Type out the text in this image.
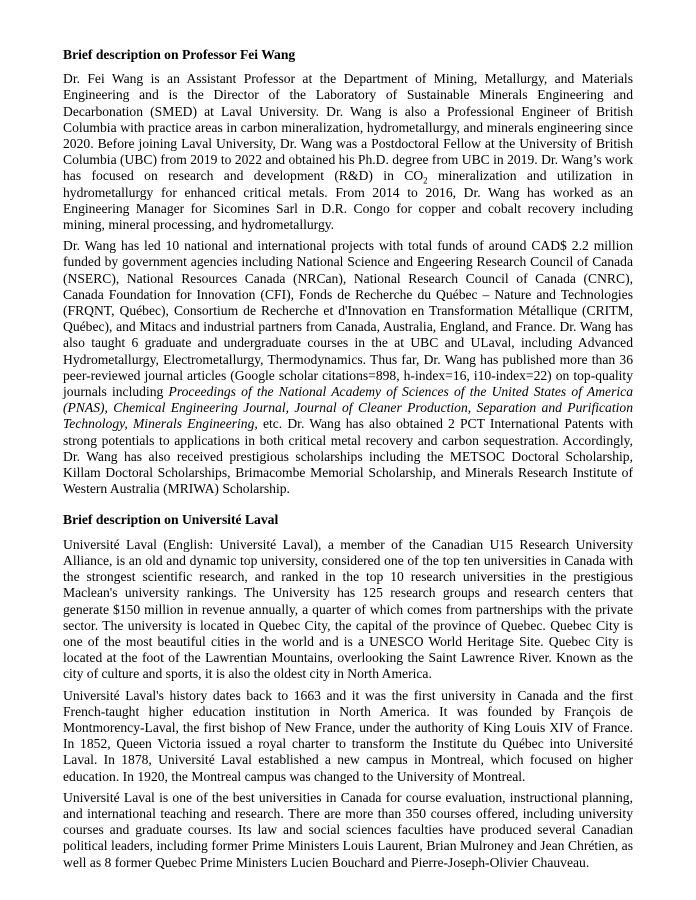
Brief description on Professor Fei Wang

Dr. Fei Wang is an Assistant Professor at the Department of Mining, Metallurgy, and Materials Engineering and is the Director of the Laboratory of Sustainable Minerals Engineering and Decarbonation (SMED) at Laval University. Dr. Wang is also a Professional Engineer of British Columbia with practice areas in carbon mineralization, hydrometallurgy, and minerals engineering since 2020. Before joining Laval University, Dr. Wang was a Postdoctoral Fellow at the University of British Columbia (UBC) from 2019 to 2022 and obtained his Ph.D. degree from UBC in 2019. Dr. Wang’s work has focused on research and development (R&D) in $CO_2$ mineralization and utilization in hydrometallurgy for enhanced critical metals. From 2014 to 2016, Dr. Wang has worked as an Engineering Manager for Sicomines Sarl in D.R. Congo for copper and cobalt recovery including mining, mineral processing, and hydrometallurgy.

Dr. Wang has led 10 national and international projects with total funds of around CAD$ 2.2 million funded by government agencies including National Science and Engeering Research Council of Canada (NSERC), National Resources Canada (NRCan), National Research Council of Canada (CNRC), Canada Foundation for Innovation (CFI), Fonds de Recherche du Québec – Nature and Technologies (FRQNT, Québec), Consortium de Recherche et d'Innovation en Transformation Métallique (CRITM, Québec), and Mitacs and industrial partners from Canada, Australia, England, and France. Dr. Wang has also taught 6 graduate and undergraduate courses in the at UBC and ULaval, including Advanced Hydrometallurgy, Electrometallurgy, Thermodynamics. Thus far, Dr. Wang has published more than 36 peer-reviewed journal articles (Google scholar citations=898, h-index=16, i10-index=22) on top-quality journals including Proceedings of the National Academy of Sciences of the United States of America (PNAS), Chemical Engineering Journal, Journal of Cleaner Production, Separation and Purification Technology, Minerals Engineering, etc. Dr. Wang has also obtained 2 PCT International Patents with strong potentials to applications in both critical metal recovery and carbon sequestration. Accordingly, Dr. Wang has also received prestigious scholarships including the METSOC Doctoral Scholarship, Killam Doctoral Scholarships, Brimacombe Memorial Scholarship, and Minerals Research Institute of Western Australia (MRIWA) Scholarship.

Brief description on Université Laval

Université Laval (English: Université Laval), a member of the Canadian U15 Research University Alliance, is an old and dynamic top university, considered one of the top ten universities in Canada with the strongest scientific research, and ranked in the top 10 research universities in the prestigious Maclean's university rankings. The University has 125 research groups and research centers that generate $150 million in revenue annually, a quarter of which comes from partnerships with the private sector. The university is located in Quebec City, the capital of the province of Quebec. Quebec City is one of the most beautiful cities in the world and is a UNESCO World Heritage Site. Quebec City is located at the foot of the Lawrentian Mountains, overlooking the Saint Lawrence River. Known as the city of culture and sports, it is also the oldest city in North America.

Université Laval's history dates back to 1663 and it was the first university in Canada and the first French-taught higher education institution in North America. It was founded by François de Montmorency-Laval, the first bishop of New France, under the authority of King Louis XIV of France. In 1852, Queen Victoria issued a royal charter to transform the Institute du Québec into Université Laval. In 1878, Université Laval established a new campus in Montreal, which focused on higher education. In 1920, the Montreal campus was changed to the University of Montreal.

Université Laval is one of the best universities in Canada for course evaluation, instructional planning, and international teaching and research. There are more than 350 courses offered, including university courses and graduate courses. Its law and social sciences faculties have produced several Canadian political leaders, including former Prime Ministers Louis Laurent, Brian Mulroney and Jean Chrétien, as well as 8 former Quebec Prime Ministers Lucien Bouchard and Pierre-Joseph-Olivier Chauveau.
